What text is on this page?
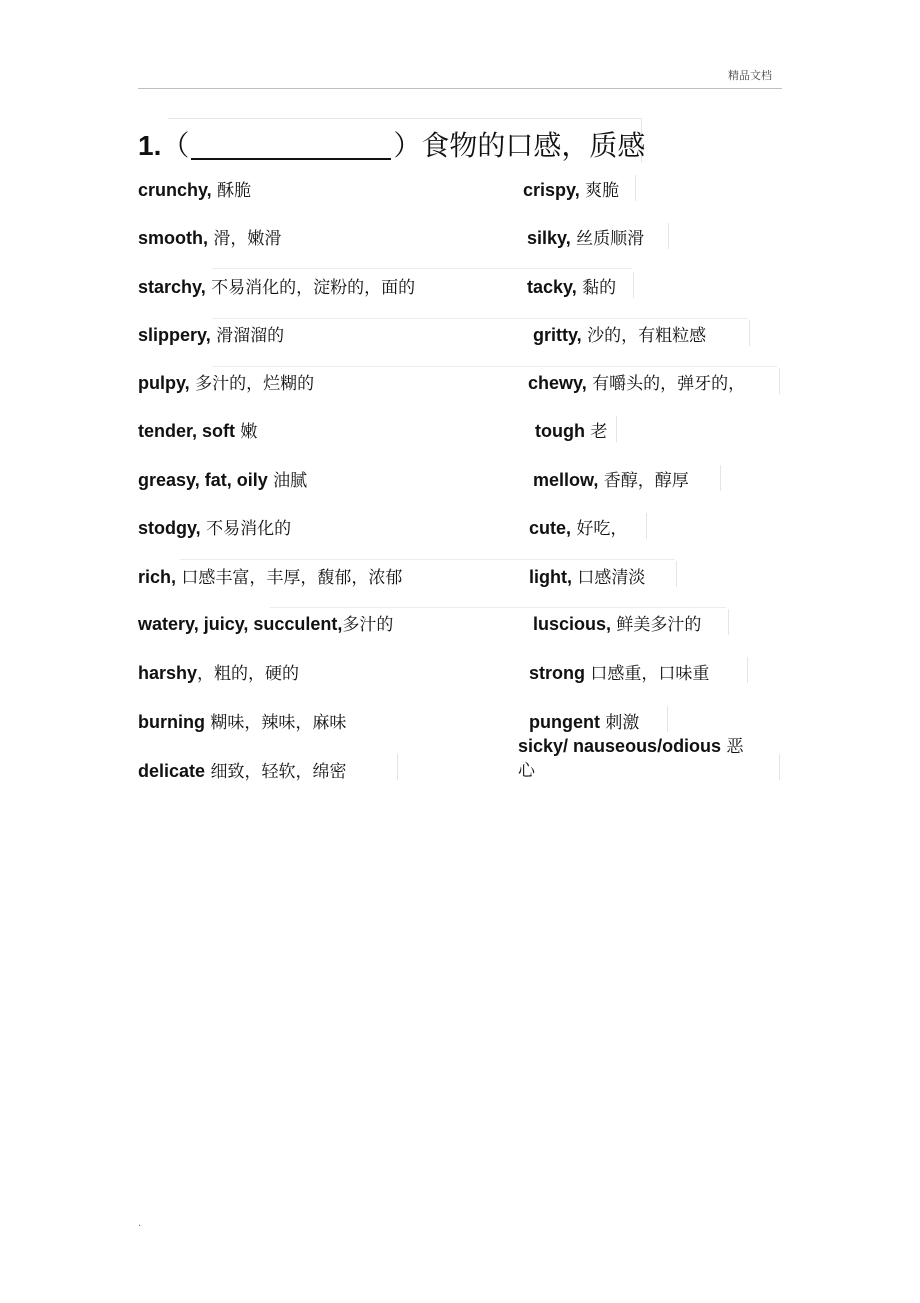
精品文档
1.（	）食物的口感，质感
crunchy, 酥脆
smooth, 滑，嫩滑
starchy, 不易消化的，淀粉的，面的
slippery, 滑溜溜的
pulpy, 多汁的，烂糊的
tender, soft 嫩
greasy, fat, oily 油腻
stodgy, 不易消化的
rich, 口感丰富，丰厚，馥郁，浓郁
watery, juicy, succulent,多汁的
harshy，粗的，硬的
burning 糊味，辣味，麻味
delicate 细致，轻软，绵密
crispy, 爽脆
silky, 丝质顺滑
tacky, 黏的
gritty, 沙的，有粗粒感
chewy, 有嚼头的，弹牙的，
tough 老
mellow, 香醇，醇厚
cute, 好吃，
light, 口感清淡
luscious, 鲜美多汁的
strong 口感重，口味重
pungent 刺激
sicky/ nauseous/odious 恶
心
.
